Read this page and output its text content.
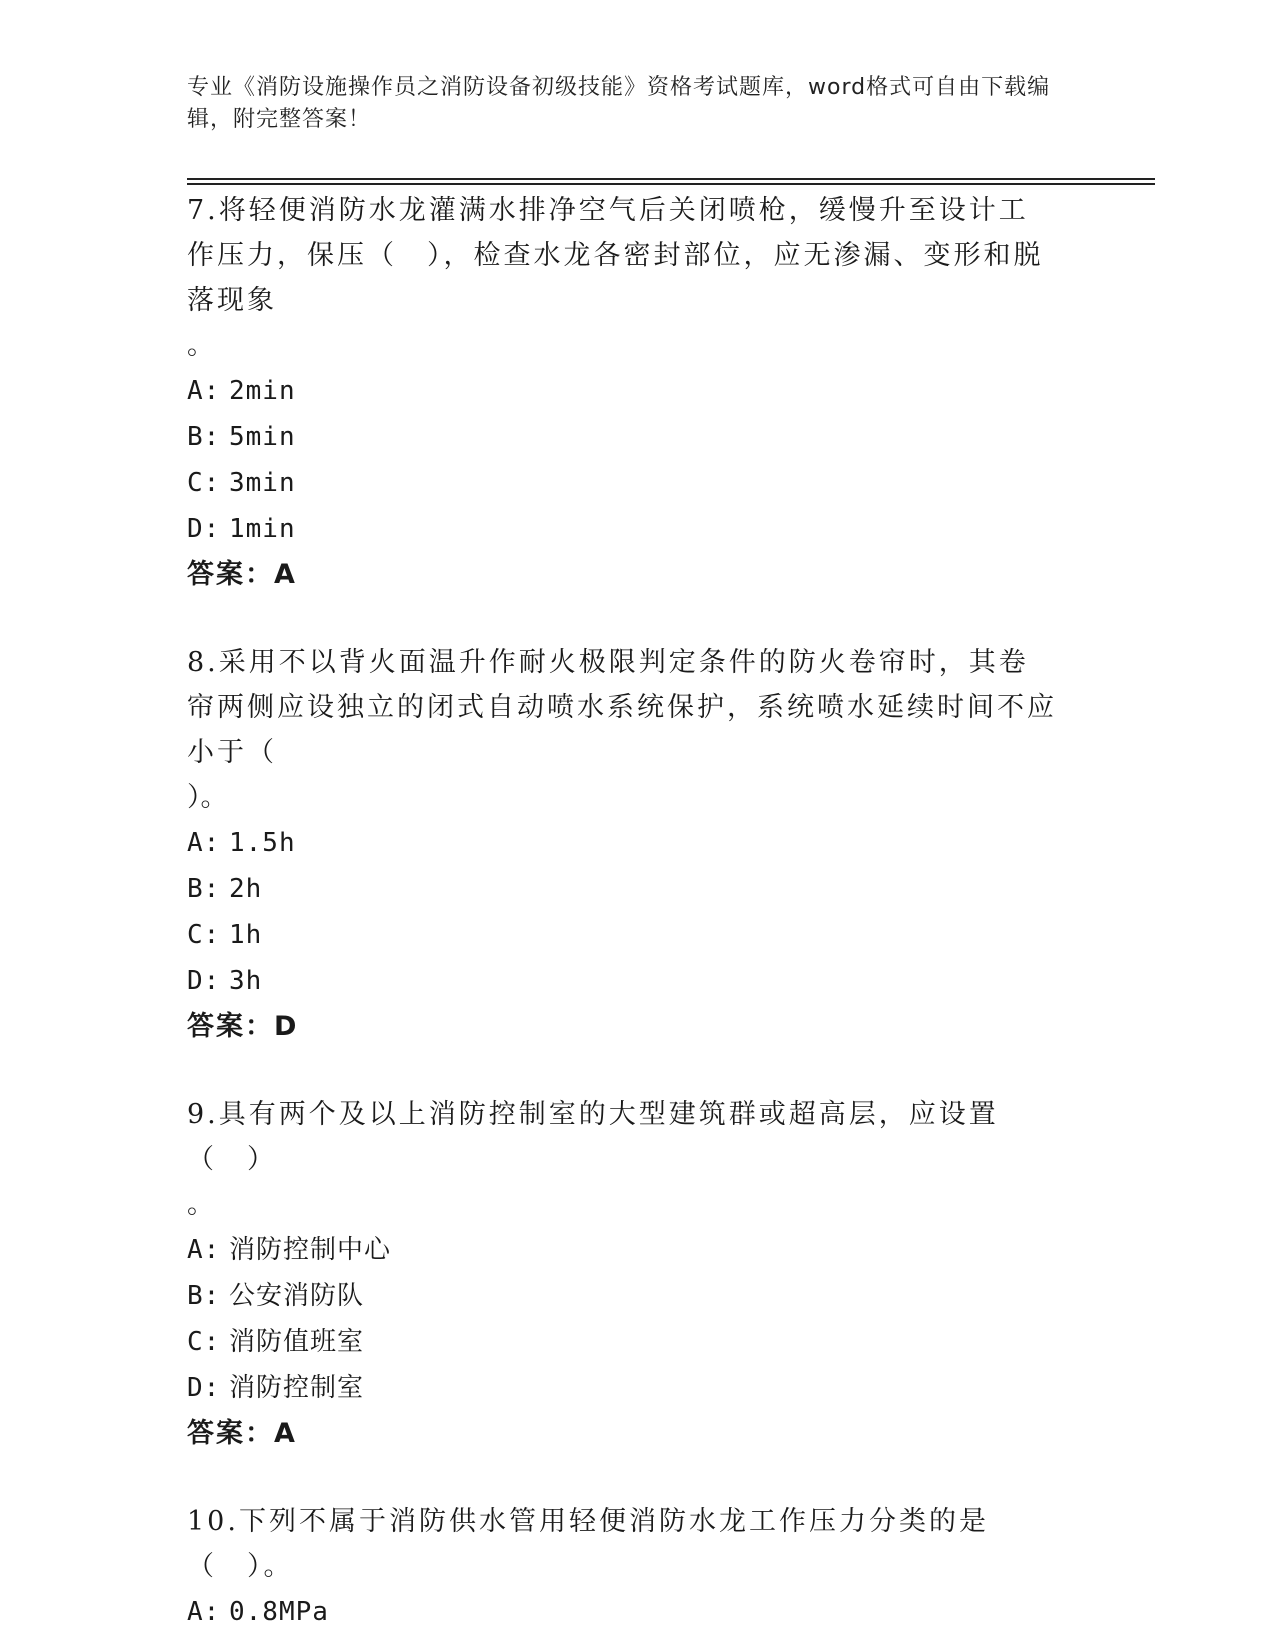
专业《消防设施操作员之消防设备初级技能》资格考试题库，word格式可自由下载编辑，附完整答案！

7.将轻便消防水龙灌满水排净空气后关闭喷枪，缓慢升至设计工作压力，保压（　），检查水龙各密封部位，应无渗漏、变形和脱落现象

。

A: 2min

B: 5min

C: 3min

D: 1min

答案：A

8.采用不以背火面温升作耐火极限判定条件的防火卷帘时，其卷帘两侧应设独立的闭式自动喷水系统保护，系统喷水延续时间不应小于（

）。

A: 1.5h

B: 2h

C: 1h

D: 3h

答案：D

9.具有两个及以上消防控制室的大型建筑群或超高层，应设置（　）

。

A: 消防控制中心

B: 公安消防队

C: 消防值班室

D: 消防控制室

答案：A

10.下列不属于消防供水管用轻便消防水龙工作压力分类的是（　）。

A: 0.8MPa
